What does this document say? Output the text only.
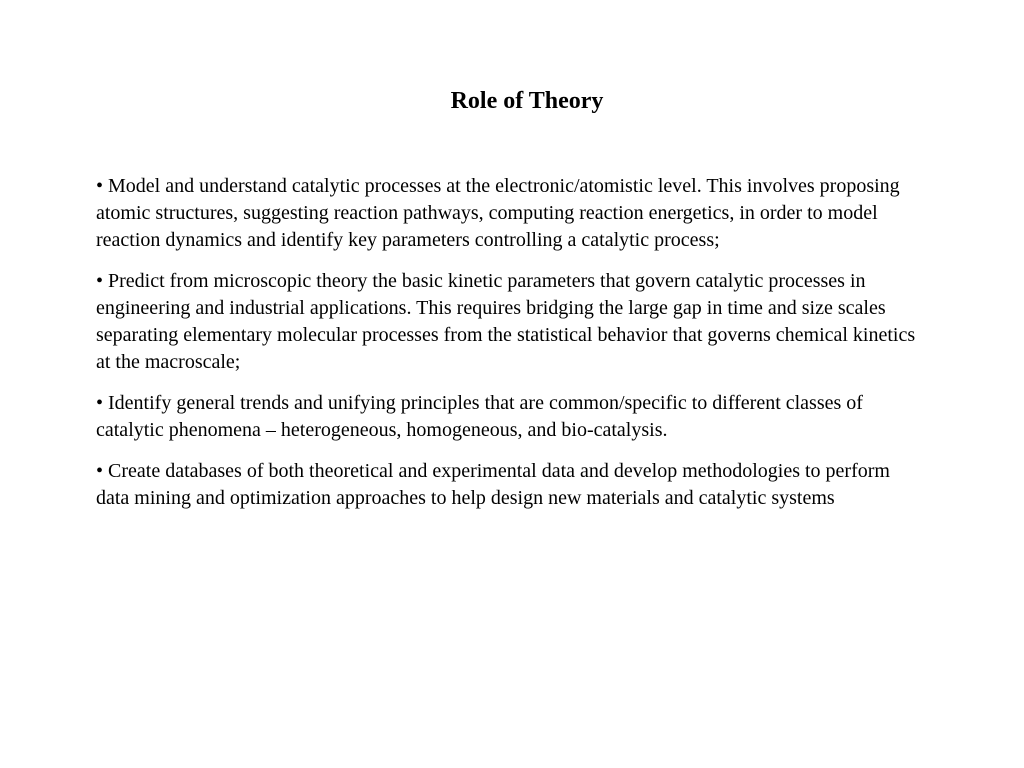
Role of Theory
• Model and understand catalytic processes at the electronic/atomistic level. This involves proposing atomic structures, suggesting reaction pathways, computing reaction energetics, in order to model reaction dynamics and identify key parameters controlling a catalytic process;
• Predict from microscopic theory the basic kinetic parameters that govern catalytic processes in engineering and industrial applications. This requires bridging the large gap in time and size scales separating elementary molecular processes from the statistical behavior that governs chemical kinetics at the macroscale;
• Identify general trends and unifying principles that are common/specific to different classes of catalytic phenomena – heterogeneous, homogeneous, and bio-catalysis.
• Create databases of both theoretical and experimental data and develop methodologies to perform data mining and optimization approaches to help design new materials and catalytic systems
